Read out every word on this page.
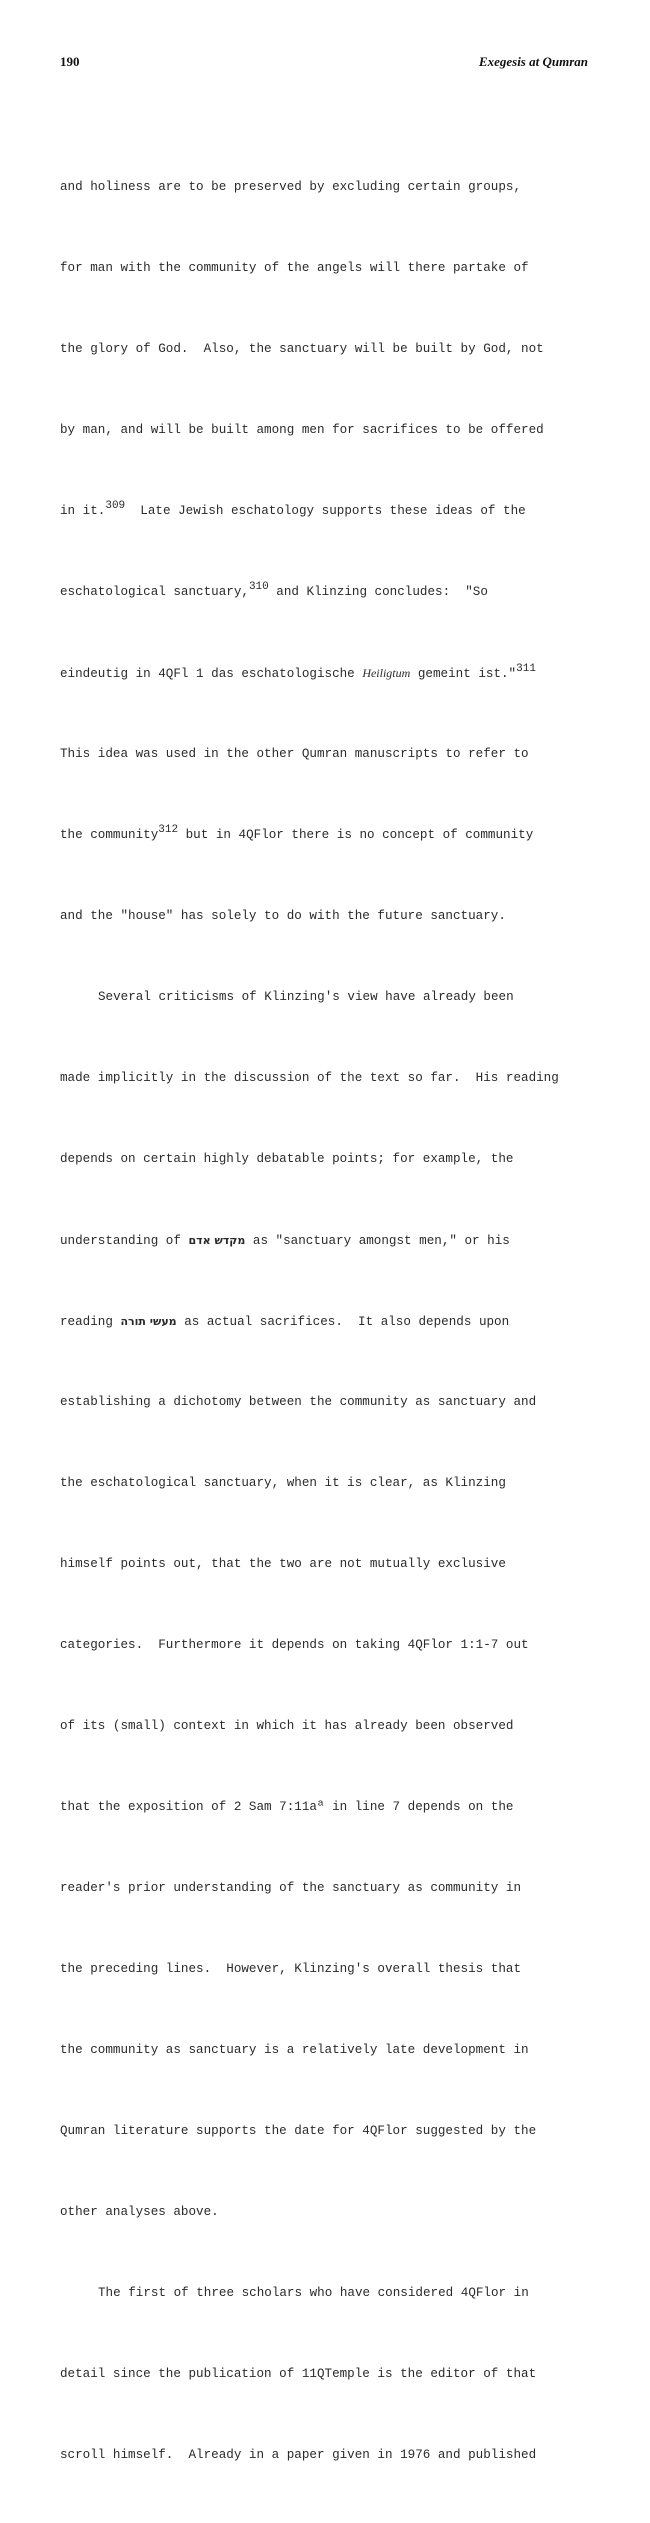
190	Exegesis at Qumran

and holiness are to be preserved by excluding certain groups,

for man with the community of the angels will there partake of

the glory of God.  Also, the sanctuary will be built by God, not

by man, and will be built among men for sacrifices to be offered

in it.$^{309}$  Late Jewish eschatology supports these ideas of the

eschatological sanctuary,$^{310}$ and Klinzing concludes:  "So

eindeutig in 4QFl 1 das eschatologische Heiligtum gemeint ist."$^{311}$

This idea was used in the other Qumran manuscripts to refer to

the community$^{312}$ but in 4QFlor there is no concept of community

and the "house" has solely to do with the future sanctuary.

Several criticisms of Klinzing's view have already been

made implicitly in the discussion of the text so far.  His reading

depends on certain highly debatable points; for example, the

understanding of מקדש אדם as "sanctuary amongst men," or his

reading מעשי תורה as actual sacrifices.  It also depends upon

establishing a dichotomy between the community as sanctuary and

the eschatological sanctuary, when it is clear, as Klinzing

himself points out, that the two are not mutually exclusive

categories.  Furthermore it depends on taking 4QFlor 1:1-7 out

of its (small) context in which it has already been observed

that the exposition of 2 Sam 7:11aª in line 7 depends on the

reader's prior understanding of the sanctuary as community in

the preceding lines.  However, Klinzing's overall thesis that

the community as sanctuary is a relatively late development in

Qumran literature supports the date for 4QFlor suggested by the

other analyses above.

The first of three scholars who have considered 4QFlor in

detail since the publication of 11QTemple is the editor of that

scroll himself.  Already in a paper given in 1976 and published
